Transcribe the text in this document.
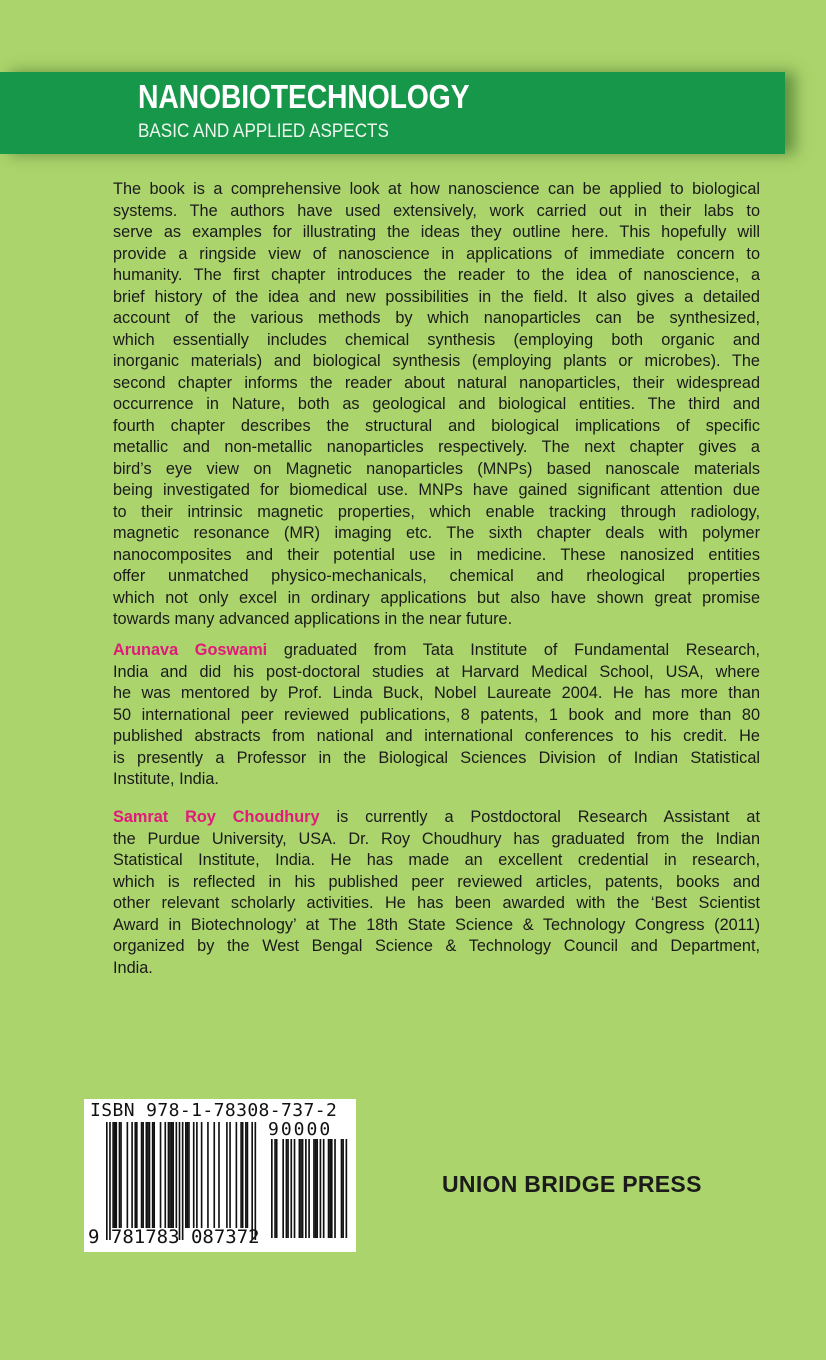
NANOBIOTECHNOLOGY
BASIC AND APPLIED ASPECTS
The book is a comprehensive look at how nanoscience can be applied to biological
systems. The authors have used extensively, work carried out in their labs to
serve as examples for illustrating the ideas they outline here. This hopefully will
provide a ringside view of nanoscience in applications of immediate concern to
humanity. The first chapter introduces the reader to the idea of nanoscience, a
brief history of the idea and new possibilities in the field. It also gives a detailed
account of the various methods by which nanoparticles can be synthesized,
which essentially includes chemical synthesis (employing both organic and
inorganic materials) and biological synthesis (employing plants or microbes). The
second chapter informs the reader about natural nanoparticles, their widespread
occurrence in Nature, both as geological and biological entities. The third and
fourth chapter describes the structural and biological implications of specific
metallic and non-metallic nanoparticles respectively. The next chapter gives a
bird’s eye view on Magnetic nanoparticles (MNPs) based nanoscale materials
being investigated for biomedical use. MNPs have gained significant attention due
to their intrinsic magnetic properties, which enable tracking through radiology,
magnetic resonance (MR) imaging etc. The sixth chapter deals with polymer
nanocomposites and their potential use in medicine. These nanosized entities
offer unmatched physico-mechanicals, chemical and rheological properties
which not only excel in ordinary applications but also have shown great promise
towards many advanced applications in the near future.
Arunava Goswami graduated from Tata Institute of Fundamental Research,
India and did his post-doctoral studies at Harvard Medical School, USA, where
he was mentored by Prof. Linda Buck, Nobel Laureate 2004. He has more than
50 international peer reviewed publications, 8 patents, 1 book and more than 80
published abstracts from national and international conferences to his credit. He
is presently a Professor in the Biological Sciences Division of Indian Statistical
Institute, India.
Samrat Roy Choudhury is currently a Postdoctoral Research Assistant at
the Purdue University, USA. Dr. Roy Choudhury has graduated from the Indian
Statistical Institute, India. He has made an excellent credential in research,
which is reflected in his published peer reviewed articles, patents, books and
other relevant scholarly activities. He has been awarded with the ‘Best Scientist
Award in Biotechnology’ at The 18th State Science & Technology Congress (2011)
organized by the West Bengal Science & Technology Council and Department,
India.
ISBN 978-1-78308-737-2
90000
9 781783 087372
UNION BRIDGE PRESS
